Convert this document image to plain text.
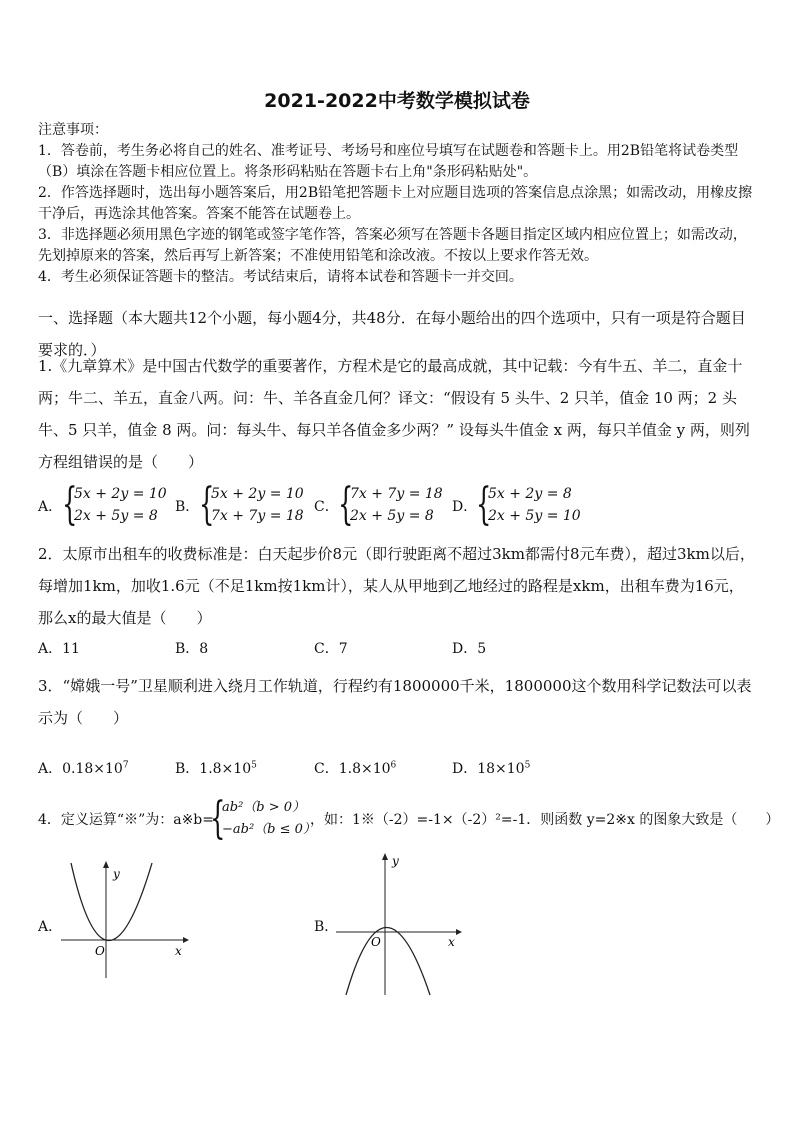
2021-2022中考数学模拟试卷

注意事项：

1．答卷前，考生务必将自己的姓名、准考证号、考场号和座位号填写在试题卷和答题卡上。用2B铅笔将试卷类型（B）填涂在答题卡相应位置上。将条形码粘贴在答题卡右上角"条形码粘贴处"。

2．作答选择题时，选出每小题答案后，用2B铅笔把答题卡上对应题目选项的答案信息点涂黑；如需改动，用橡皮擦干净后，再选涂其他答案。答案不能答在试题卷上。

3．非选择题必须用黑色字迹的钢笔或签字笔作答，答案必须写在答题卡各题目指定区域内相应位置上；如需改动，先划掉原来的答案，然后再写上新答案；不准使用铅笔和涂改液。不按以上要求作答无效。

4．考生必须保证答题卡的整洁。考试结束后，请将本试卷和答题卡一并交回。

一、选择题（本大题共12个小题，每小题4分，共48分．在每小题给出的四个选项中，只有一项是符合题目要求的．）

1.《九章算术》是中国古代数学的重要著作，方程术是它的最高成就，其中记载：今有牛五、羊二，直金十两；牛二、羊五，直金八两。问：牛、羊各直金几何？译文：“假设有 5 头牛、2 只羊，值金 10 两；2 头牛、5 只羊，值金 8 两。问：每头牛、每只羊各值金多少两？” 设每头牛值金 x 两，每只羊值金 y 两，则列方程组错误的是（　　）

A． {
5x + 2y = 10
2x + 5y = 8
B． {
5x + 2y = 10
7x + 7y = 18
C． {
7x + 7y = 18
2x + 5y = 8
D．
{
5x + 2y = 8
2x + 5y = 10

2．太原市出租车的收费标准是：白天起步价8元（即行驶距离不超过3km都需付8元车费），超过3km以后，每增加1km，加收1.6元（不足1km按1km计），某人从甲地到乙地经过的路程是xkm，出租车费为16元，那么x的最大值是（　　）

A．11	B．8	C．7	D．5

3．“嫦娥一号”卫星顺利进入绕月工作轨道，行程约有1800000千米，1800000这个数用科学记数法可以表示为（　　）

A．$0.18\times 10^7$	B．$1.8\times 10^5$	C．$1.8\times 10^6$	D．$18\times 10^5$
4．定义运算“※”为：a※b=
{
ab²（b > 0）
−ab²（b ≤ 0）
，如：1※（-2）=-1×（-2）²=-1．则函数 y=2※x 的图象大致是（　　）
A．
y
x
O
B．
y
x
O
